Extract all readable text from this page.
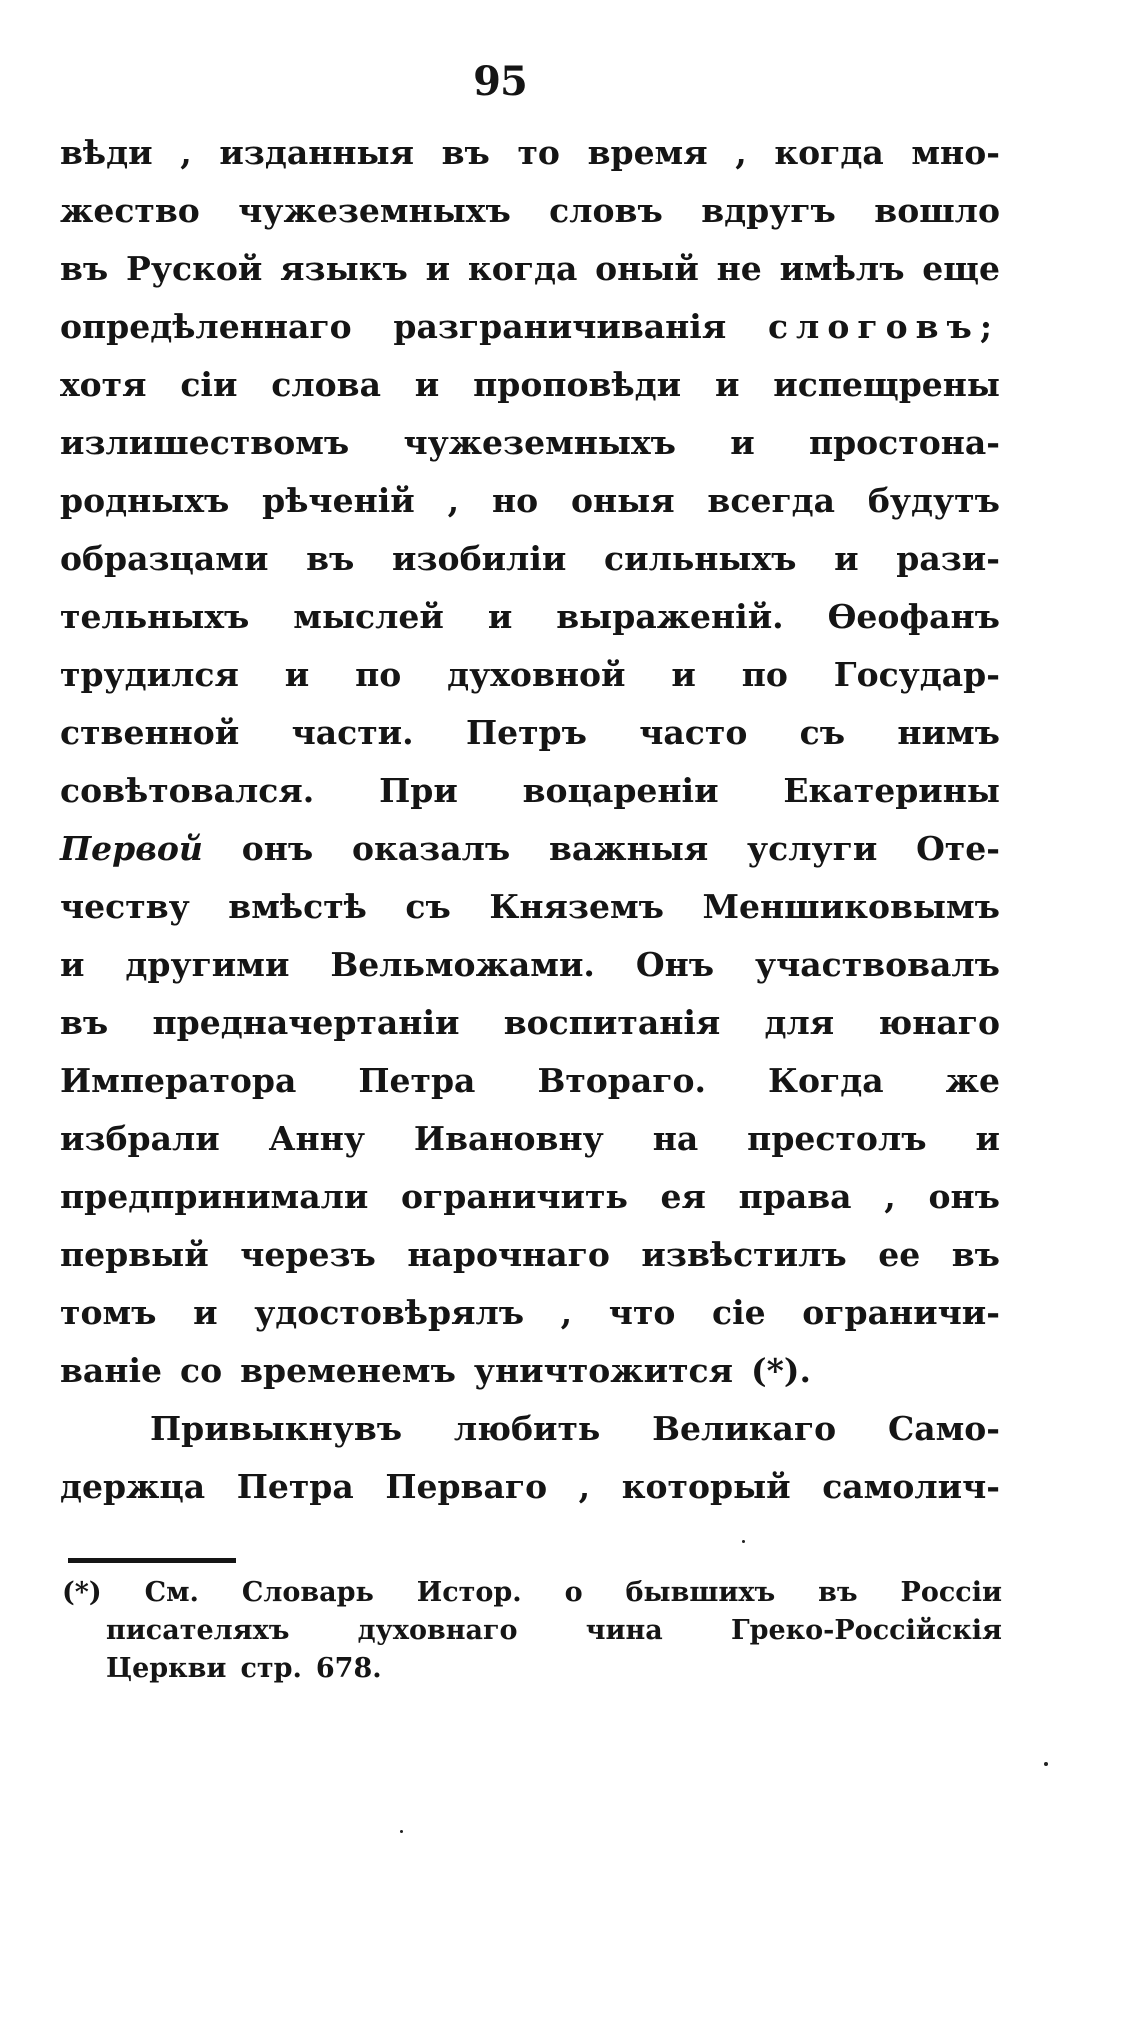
95
вѣди , изданныя въ то время , когда мно-
жество чужеземныхъ словъ вдругъ вошло
въ Руской языкъ и когда оный не имѣлъ еще
опредѣленнаго разграничиванія слоговъ;
хотя сіи слова и проповѣди и испещрены
излишествомъ чужеземныхъ и простона-
родныхъ рѣченій , но оныя всегда будутъ
образцами въ изобиліи сильныхъ и рази-
тельныхъ мыслей и выраженій. Өеофанъ
трудился и по духовной и по Государ-
ственной части. Петръ часто съ нимъ
совѣтовался. При воцареніи Екатерины
Первой онъ оказалъ важныя услуги Оте-
честву вмѣстѣ съ Княземъ Меншиковымъ
и другими Вельможами. Онъ участвовалъ
въ предначертаніи воспитанія для юнаго
Императора Петра Втораго. Когда же
избрали Анну Ивановну на престолъ и
предпринимали ограничить ея права , онъ
первый черезъ нарочнаго извѣстилъ ее въ
томъ и удостовѣрялъ , что сіе ограничи-
ваніе со временемъ уничтожится (*).
Привыкнувъ любить Великаго Само-
держца Петра Перваго , который самолич-
(*) См. Словарь Истор. о бывшихъ въ Россіи
писателяхъ	духовнаго	чина	Греко-Россійскія
Церкви стр. 678.
